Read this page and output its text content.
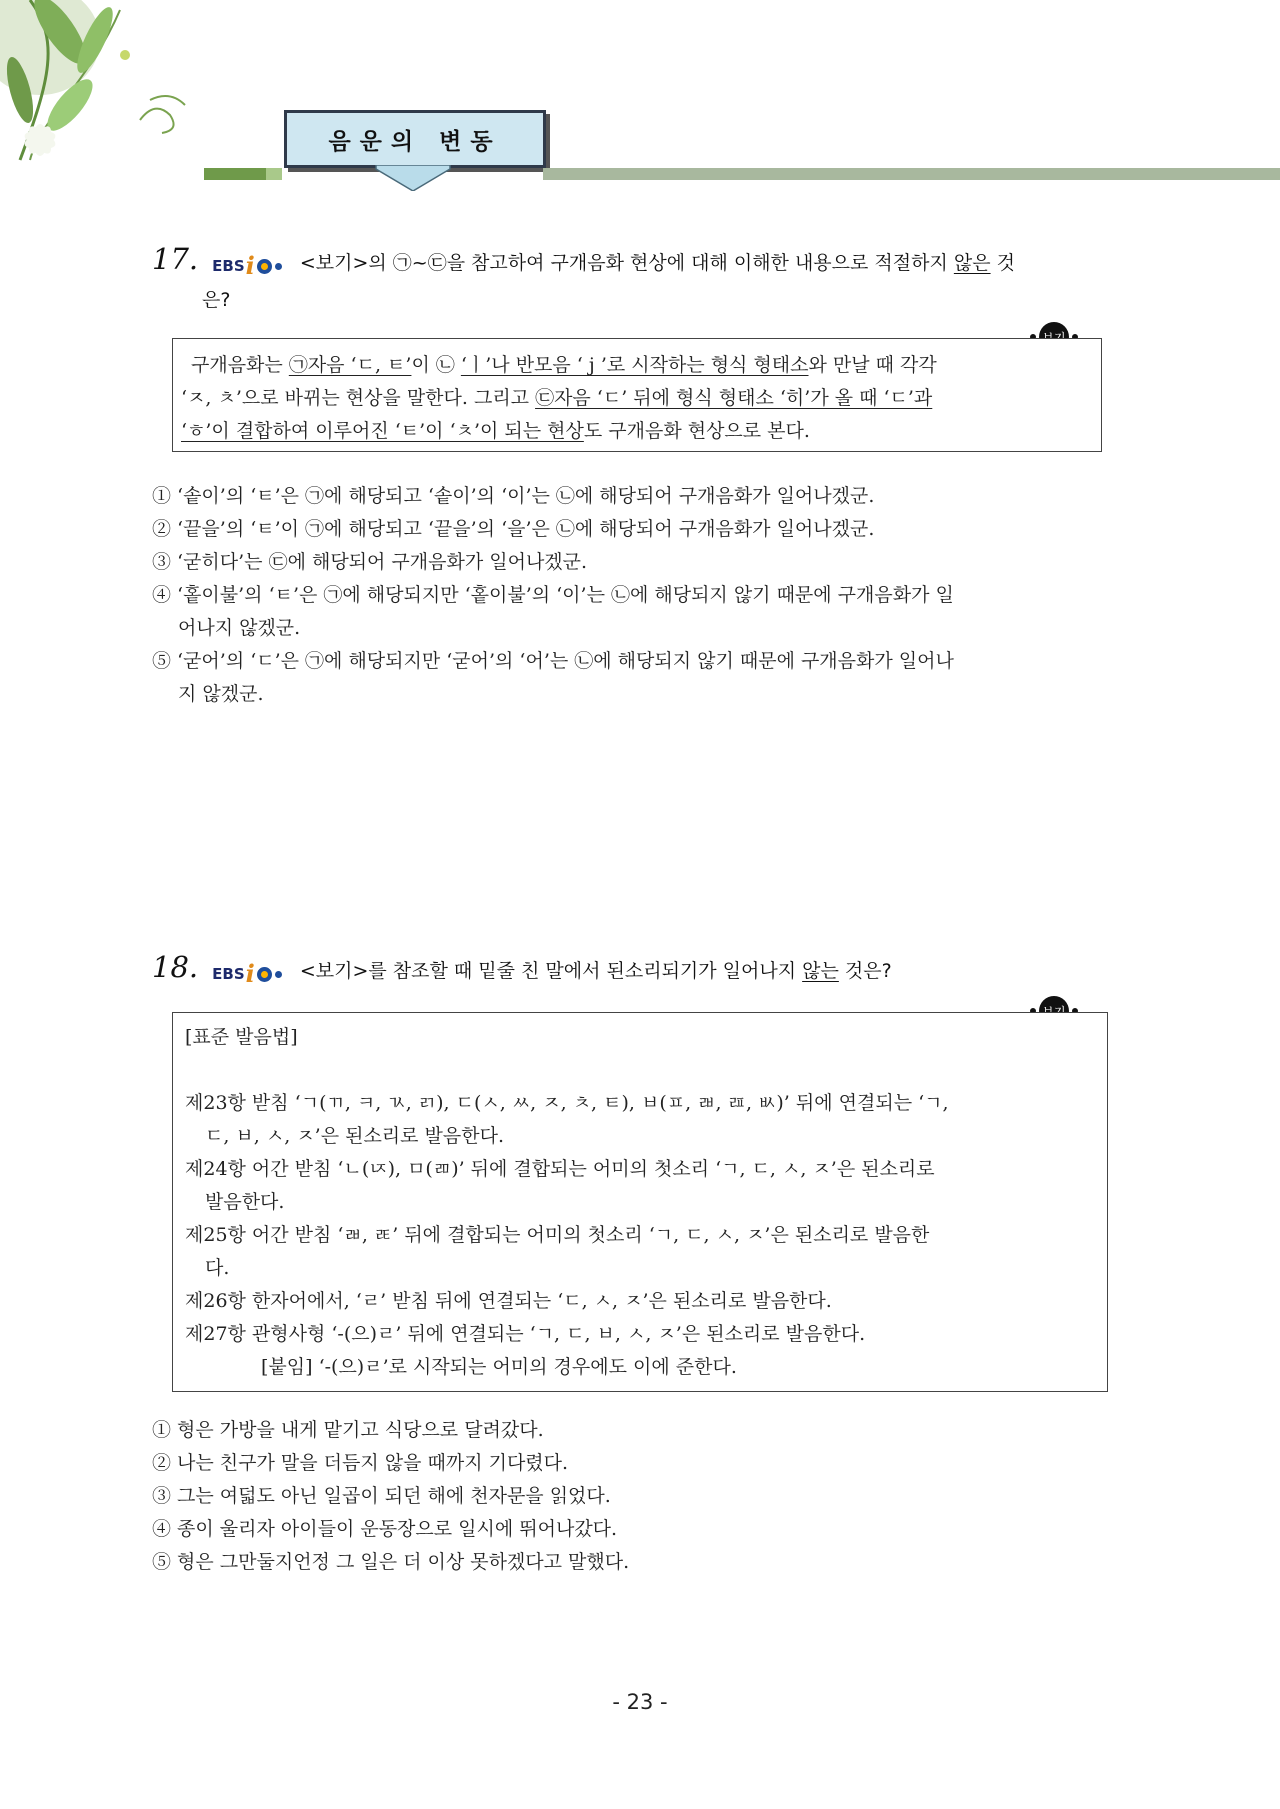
음운의 변동

17. EBS i <보기>의 ㉠~㉢을 참고하여 구개음화 현상에 대해 이해한 내용으로 적절하지 않은 것

은?

구개음화는 ㉠자음 ‘ㄷ, ㅌ’이 ㉡ ‘ㅣ’나 반모음 ‘ j ’로 시작하는 형식 형태소와 만날 때 각각

‘ㅈ, ㅊ’으로 바뀌는 현상을 말한다. 그리고 ㉢자음 ‘ㄷ’ 뒤에 형식 형태소 ‘히’가 올 때 ‘ㄷ’과

‘ㅎ’이 결합하여 이루어진 ‘ㅌ’이 ‘ㅊ’이 되는 현상도 구개음화 현상으로 본다.

① ‘솥이’의 ‘ㅌ’은 ㉠에 해당되고 ‘솥이’의 ‘이’는 ㉡에 해당되어 구개음화가 일어나겠군.

② ‘끝을’의 ‘ㅌ’이 ㉠에 해당되고 ‘끝을’의 ‘을’은 ㉡에 해당되어 구개음화가 일어나겠군.

③ ‘굳히다’는 ㉢에 해당되어 구개음화가 일어나겠군.

④ ‘홑이불’의 ‘ㅌ’은 ㉠에 해당되지만 ‘홑이불’의 ‘이’는 ㉡에 해당되지 않기 때문에 구개음화가 일

어나지 않겠군.

⑤ ‘굳어’의 ‘ㄷ’은 ㉠에 해당되지만 ‘굳어’의 ‘어’는 ㉡에 해당되지 않기 때문에 구개음화가 일어나

지 않겠군.

18. EBS i <보기>를 참조할 때 밑줄 친 말에서 된소리되기가 일어나지 않는 것은?

[표준 발음법]

제23항 받침 ‘ㄱ(ㄲ, ㅋ, ㄳ, ㄺ), ㄷ(ㅅ, ㅆ, ㅈ, ㅊ, ㅌ), ㅂ(ㅍ, ㄼ, ㄿ, ㅄ)’ 뒤에 연결되는 ‘ㄱ,

ㄷ, ㅂ, ㅅ, ㅈ’은 된소리로 발음한다.

제24항 어간 받침 ‘ㄴ(ㄵ), ㅁ(ㄻ)’ 뒤에 결합되는 어미의 첫소리 ‘ㄱ, ㄷ, ㅅ, ㅈ’은 된소리로

발음한다.

제25항 어간 받침 ‘ㄼ, ㄾ’ 뒤에 결합되는 어미의 첫소리 ‘ㄱ, ㄷ, ㅅ, ㅈ’은 된소리로 발음한

다.

제26항 한자어에서, ‘ㄹ’ 받침 뒤에 연결되는 ‘ㄷ, ㅅ, ㅈ’은 된소리로 발음한다.

제27항 관형사형 ‘-(으)ㄹ’ 뒤에 연결되는 ‘ㄱ, ㄷ, ㅂ, ㅅ, ㅈ’은 된소리로 발음한다.

[붙임] ‘-(으)ㄹ’로 시작되는 어미의 경우에도 이에 준한다.

① 형은 가방을 내게 맡기고 식당으로 달려갔다.

② 나는 친구가 말을 더듬지 않을 때까지 기다렸다.

③ 그는 여덟도 아닌 일곱이 되던 해에 천자문을 읽었다.

④ 종이 울리자 아이들이 운동장으로 일시에 뛰어나갔다.

⑤ 형은 그만둘지언정 그 일은 더 이상 못하겠다고 말했다.

- 23 -
